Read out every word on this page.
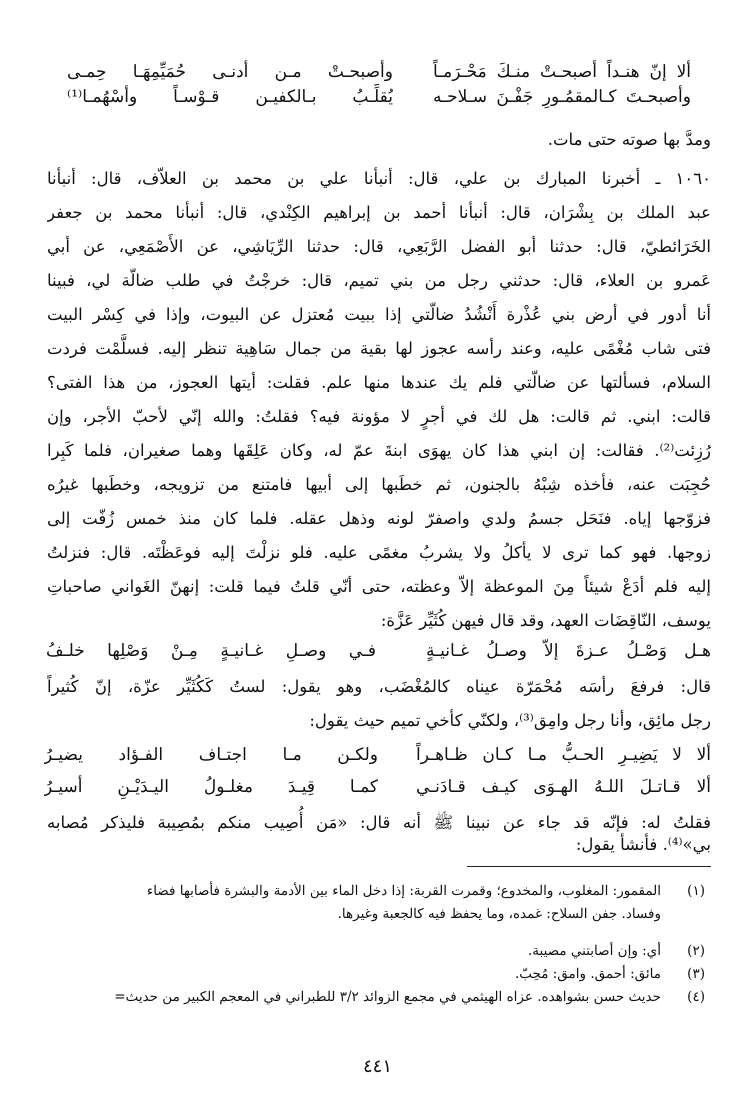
ألا إنّ هنـداً أصبحـتْ منـكَ مَحْـرَمـاً
وأصبحـتْ مـن أدنـى حُمَيِّمِهَـا حِمـى
وأصبحـتَ كـالمقمُـورِ جَفْـنَ سـلاحـه
يُقلِّـبُ بـالكفيـن قـوْسـاً وأسْهُمـا⁽¹⁾
ومدَّ بها صوته حتى مات.
١٠٦٠ ـ أخبرنا المبارك بن علي، قال: أنبأنا علي بن محمد بن العلاّف، قال: أنبأنا
عبد الملك بن بِشْرَان، قال: أنبأنا أحمد بن إبراهيم الكِنْدي، قال: أنبأنا محمد بن جعفر
الخَرَائطيّ، قال: حدثنا أبو الفضل الرَّبَعِي، قال: حدثنا الرِّيَاشِي، عن الأَصْمَعِي، عن أبي
عَمرو بن العلاء، قال: حدثني رجل من بني تميم، قال: خرجْتُ في طلب ضالّة لي، فبينا
أنا أدور في أرض بني عُذْرة أَنْشُدُ ضالّتي إذا ببيت مُعتزل عن البيوت، وإذا في كِسْر البيت
فتى شاب مُغْمًى عليه، وعند رأسه عجوز لها بقية من جمال سَاهِية تنظر إليه. فسلَّمْت فردت
السلام، فسألتها عن ضالّتي فلم يك عندها منها علم. فقلت: أيتها العجوز، من هذا الفتى؟
قالت: ابني. ثم قالت: هل لك في أجرٍ لا مؤونة فيه؟ فقلتُ: والله إنّي لأحبّ الأجر، وإن
رُزِئت⁽²⁾. فقالت: إن ابني هذا كان يهوَى ابنةَ عمّ له، وكان عَلِقَها وهما صغيران، فلما كَبِرا
حُجِبَت عنه، فأخذه شِبْهُ بالجنون، ثم خطَبها إلى أبيها فامتنع من تزويجه، وخطَبها غيرُه
فزوّجها إياه. فنَحَل جسمُ ولدي واصفرّ لونه وذهل عقله. فلما كان منذ خمس زُفّت إلى
زوجها. فهو كما ترى لا يأكلُ ولا يشربُ مغمًى عليه. فلو نزلْتَ إليه فوعَظْتَه. قال: فنزلتُ
إليه فلم أدَعْ شيئاً مِنَ الموعظة إلاّ وعظته، حتى أنّي قلتُ فيما قلت: إنهنّ الغَواني صاحباتِ
يوسف، النّاقِضَات العهد، وقد قال فيهن كُثَيِّر عَزَّة:
هـل وَصْـلُ عـزةَ إلاّ وصـلُ غـانيـةٍ
فـي وصـلِ غـانيـةٍ مِـنْ وَصْلِها خلـفُ
قال: فرفعَ رأسَه مُحْمَرّة عيناه كالمُغْضَب، وهو يقول: لستُ كَكُثَيِّر عزّة، إنّ كُثيراً
رجل مائِق، وأنا رجل وامِق⁽³⁾، ولكنّي كأخي تميم حيث يقول:
ألا لا يَضِيـرِ الحـبُّ مـا كـان ظـاهـراً
ولكـن مـا اجتـاف الفـؤاد يضيـرُ
ألا قـاتـلَ اللـهُ الهـوَى كيـف قـادَنـي
كمـا قِيـدَ مغلـولُ اليـدَيْـنِ أسيـرُ
فقلتُ له: فإنّه قد جاء عن نبينا ﷺ أنه قال: «مَن أُصِيب منكم بمُصِيبة فليذكر مُصابه
بي»⁽⁴⁾. فأنشأ يقول:
(١)
المقمور: المغلوب، والمخدوع؛ وقمرت القربة: إذا دخل الماء بين الأدمة والبشرة فأصابها فضاء
وفساد. جفن السلاح: غمده، وما يحفظ فيه كالجعبة وغيرها.
(٢)
أي: وإن أصابتني مصيبة.
(٣)
مائق: أحمق. وامق: مُحِبّ.
(٤)
حديث حسن بشواهده. عزاه الهيثمي في مجمع الزوائد ٣/٢ للطبراني في المعجم الكبير من حديث=
٤٤١
